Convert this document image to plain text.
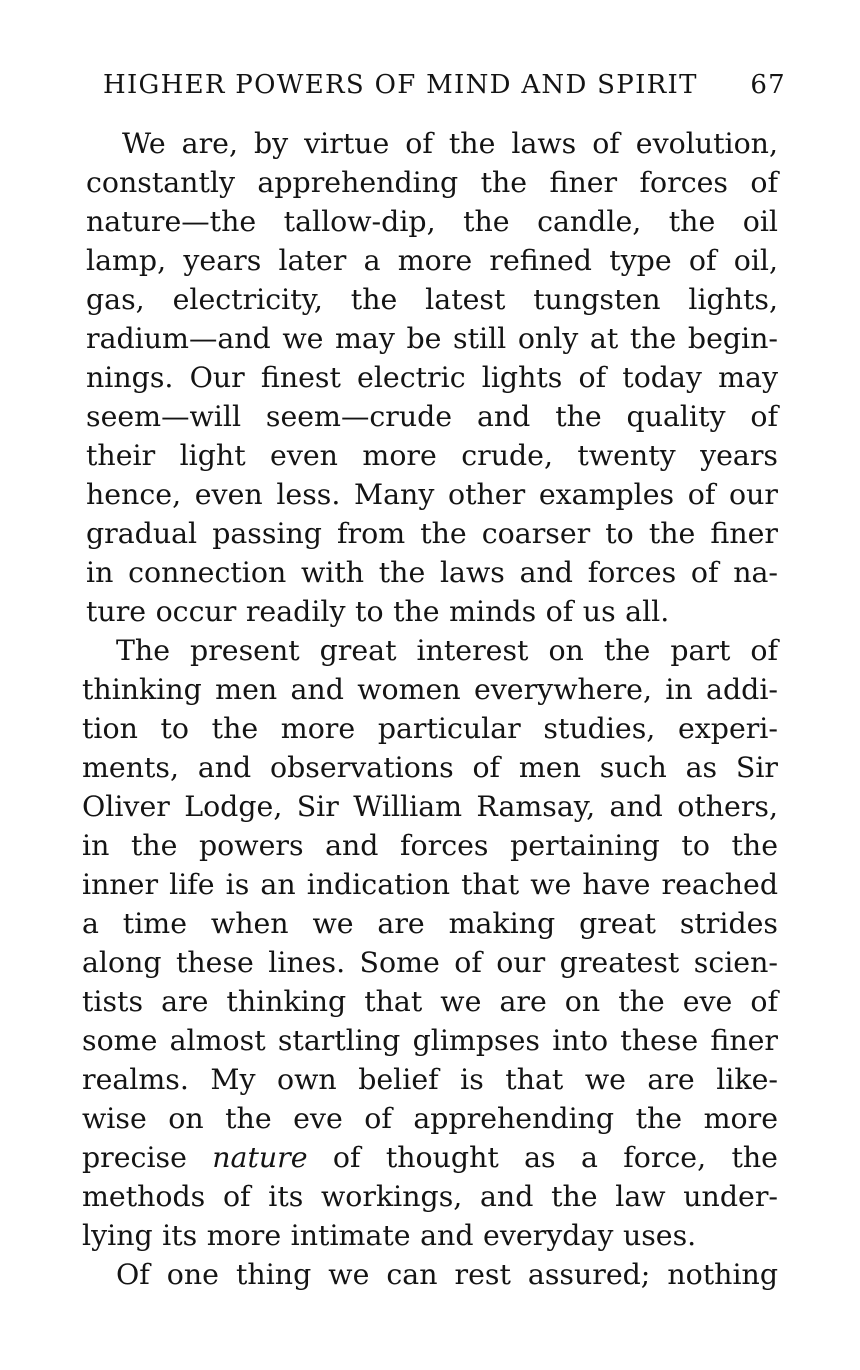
HIGHER POWERS OF MIND AND SPIRIT 67
We are, by virtue of the laws of evolution,
constantly apprehending the finer forces of
nature—the tallow-dip, the candle, the oil
lamp, years later a more refined type of oil,
gas, electricity, the latest tungsten lights,
radium—and we may be still only at the begin-
nings. Our finest electric lights of today may
seem—will seem—crude and the quality of
their light even more crude, twenty years
hence, even less. Many other examples of our
gradual passing from the coarser to the finer
in connection with the laws and forces of na-
ture occur readily to the minds of us all.
The present great interest on the part of
thinking men and women everywhere, in addi-
tion to the more particular studies, experi-
ments, and observations of men such as Sir
Oliver Lodge, Sir William Ramsay, and others,
in the powers and forces pertaining to the
inner life is an indication that we have reached
a time when we are making great strides
along these lines. Some of our greatest scien-
tists are thinking that we are on the eve of
some almost startling glimpses into these finer
realms. My own belief is that we are like-
wise on the eve of apprehending the more
precise nature of thought as a force, the
methods of its workings, and the law under-
lying its more intimate and everyday uses.
Of one thing we can rest assured; nothing
